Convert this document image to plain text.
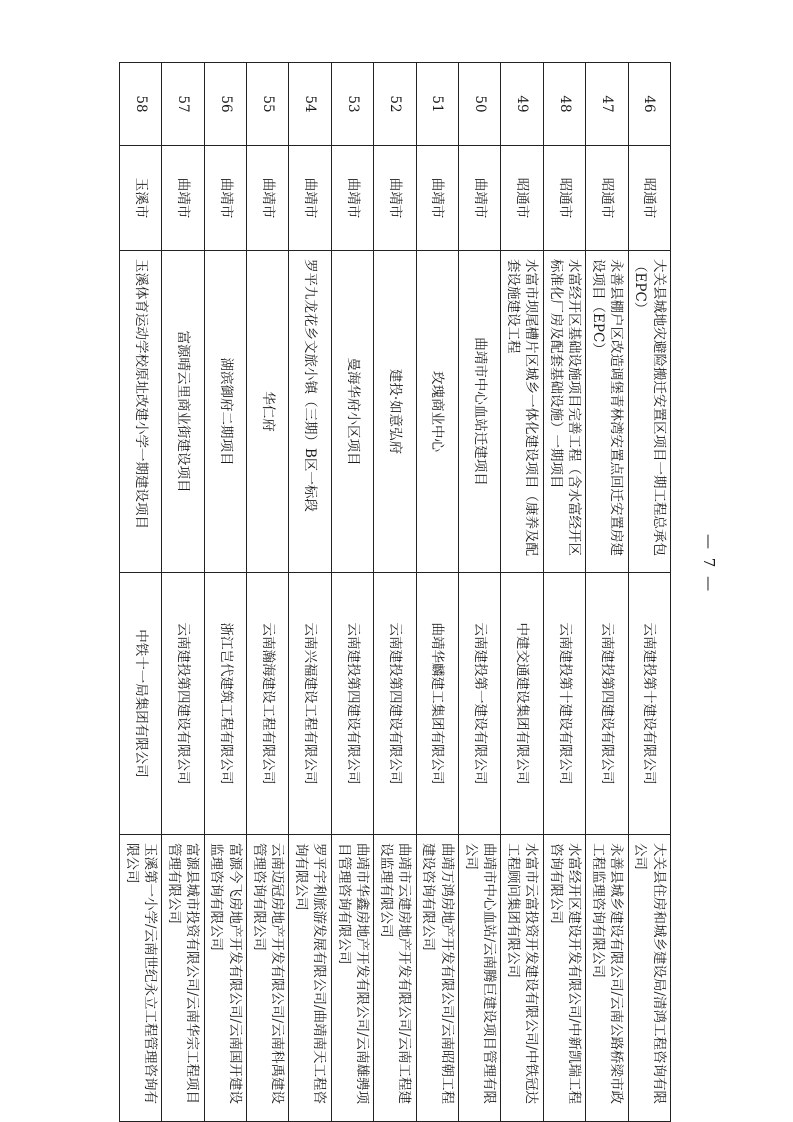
46	昭通市	大关县城地灾避险搬迁安置区项目一期工程总承包（EPC）	云南建投第十建设有限公司	大关县住房和城乡建设局/清鸿工程咨询有限公司
47	昭通市	永善县棚户区改造调堡青林湾安置点回迁安置房建设项目（EPC）	云南建投第四建设有限公司	永善县城乡建设有限公司/云南公路桥梁市政工程监理咨询有限公司
48	昭通市	水富经开区基础设施项目完善工程（含水富经开区标准化厂房及配套基础设施）一期项目	云南建投第十建设有限公司	水富经开区建设开发有限公司/中新凯瑞工程咨询有限公司
49	昭通市	水富市坝尾槽片区城乡一体化建设项目（康养及配套设施建设工程	中建交通建设集团有限公司	水富市云富投资开发建设有限公司/中铁冠达工程顾问集团有限公司
50	曲靖市	曲靖市中心血站迁建项目	云南建投第一建设有限公司	曲靖市中心血站/云南腾巨建设项目管理有限公司
51	曲靖市	玫瑰商业中心	曲靖华麟建工集团有限公司	曲靖万鸿房地产开发有限公司/云南昭朝工程建设咨询有限公司
52	曲靖市	建投·如意弘府	云南建投第四建设有限公司	曲靖市云建房地产开发有限公司/云南工程建设监理有限公司
53	曲靖市	曼海华府小区项目	云南建投第四建设有限公司	曲靖市华鑫房地产开发有限公司/云南雄骋项目管理咨询有限公司
54	曲靖市	罗平九龙花乡文旅小镇（三期）B区一标段	云南兴福建设工程有限公司	罗平宇利旅游发展有限公司/曲靖南天工程咨询有限公司
55	曲靖市	华仁府	云南瀚海建设工程有限公司	云南迈冠房地产开发有限公司/云南科禹建设管理咨询有限公司
56	曲靖市	湖滨御府二期项目	浙江岂代建筑工程有限公司	富源今飞房地产开发有限公司/云南国开建设监理咨询有限公司
57	曲靖市	富源晴云里商业街建设项目	云南建投第四建设有限公司	富源县城市投资有限公司/云南华宗工程项目管理有限公司
58	玉溪市	玉溪体育运动学校原址改建小学一期建设项目	中铁十一局集团有限公司	玉溪第一小学/云南世纪永立工程管理咨询有限公司
— 7 —
